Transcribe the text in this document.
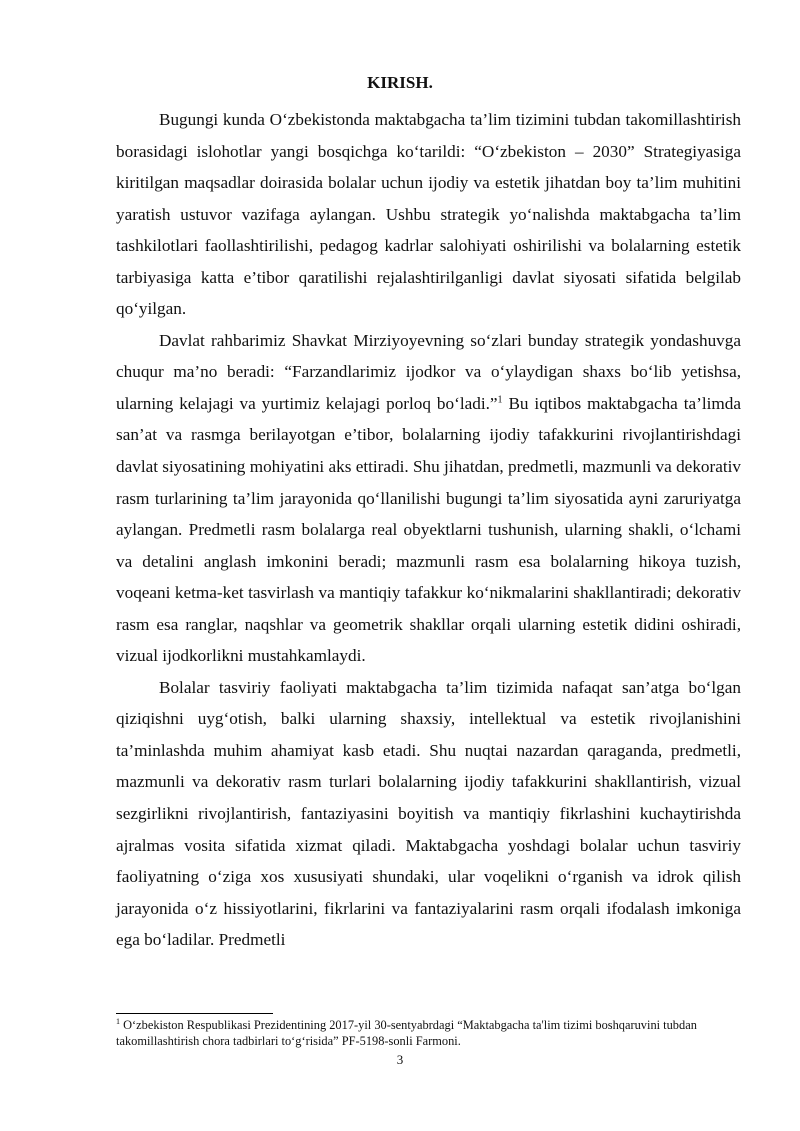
KIRISH.

Bugungi kunda O‘zbekistonda maktabgacha ta’lim tizimini tubdan takomillashtirish borasidagi islohotlar yangi bosqichga ko‘tarildi: “O‘zbekiston – 2030” Strategiyasiga kiritilgan maqsadlar doirasida bolalar uchun ijodiy va estetik jihatdan boy ta’lim muhitini yaratish ustuvor vazifaga aylangan. Ushbu strategik yo‘nalishda maktabgacha ta’lim tashkilotlari faollashtirilishi, pedagog kadrlar salohiyati oshirilishi va bolalarning estetik tarbiyasiga katta e’tibor qaratilishi rejalashtirilganligi davlat siyosati sifatida belgilab qo‘yilgan.

Davlat rahbarimiz Shavkat Mirziyoyevning so‘zlari bunday strategik yondashuvga chuqur ma’no beradi: “Farzandlarimiz ijodkor va o‘ylaydigan shaxs bo‘lib yetishsa, ularning kelajagi va yurtimiz kelajagi porloq bo‘ladi.”$^1$ Bu iqtibos maktabgacha ta’limda san’at va rasmga berilayotgan e’tibor, bolalarning ijodiy tafakkurini rivojlantirishdagi davlat siyosatining mohiyatini aks ettiradi. Shu jihatdan, predmetli, mazmunli va dekorativ rasm turlarining ta’lim jarayonida qo‘llanilishi bugungi ta’lim siyosatida ayni zaruriyatga aylangan. Predmetli rasm bolalarga real obyektlarni tushunish, ularning shakli, o‘lchami va detalini anglash imkonini beradi; mazmunli rasm esa bolalarning hikoya tuzish, voqeani ketma-ket tasvirlash va mantiqiy tafakkur ko‘nikmalarini shakllantiradi; dekorativ rasm esa ranglar, naqshlar va geometrik shakllar orqali ularning estetik didini oshiradi, vizual ijodkorlikni mustahkamlaydi.

Bolalar tasviriy faoliyati maktabgacha ta’lim tizimida nafaqat san’atga bo‘lgan qiziqishni uyg‘otish, balki ularning shaxsiy, intellektual va estetik rivojlanishini ta’minlashda muhim ahamiyat kasb etadi. Shu nuqtai nazardan qaraganda, predmetli, mazmunli va dekorativ rasm turlari bolalarning ijodiy tafakkurini shakllantirish, vizual sezgirlikni rivojlantirish, fantaziyasini boyitish va mantiqiy fikrlashini kuchaytirishda ajralmas vosita sifatida xizmat qiladi. Maktabgacha yoshdagi bolalar uchun tasviriy faoliyatning o‘ziga xos xususiyati shundaki, ular voqelikni o‘rganish va idrok qilish jarayonida o‘z hissiyotlarini, fikrlarini va fantaziyalarini rasm orqali ifodalash imkoniga ega bo‘ladilar. Predmetli

$^1$ O‘zbekiston Respublikasi Prezidentining 2017-yil 30-sentyabrdagi “Maktabgacha ta'lim tizimi boshqaruvini tubdan takomillashtirish chora tadbirlari to‘g‘risida” PF-5198-sonli Farmoni.
3
